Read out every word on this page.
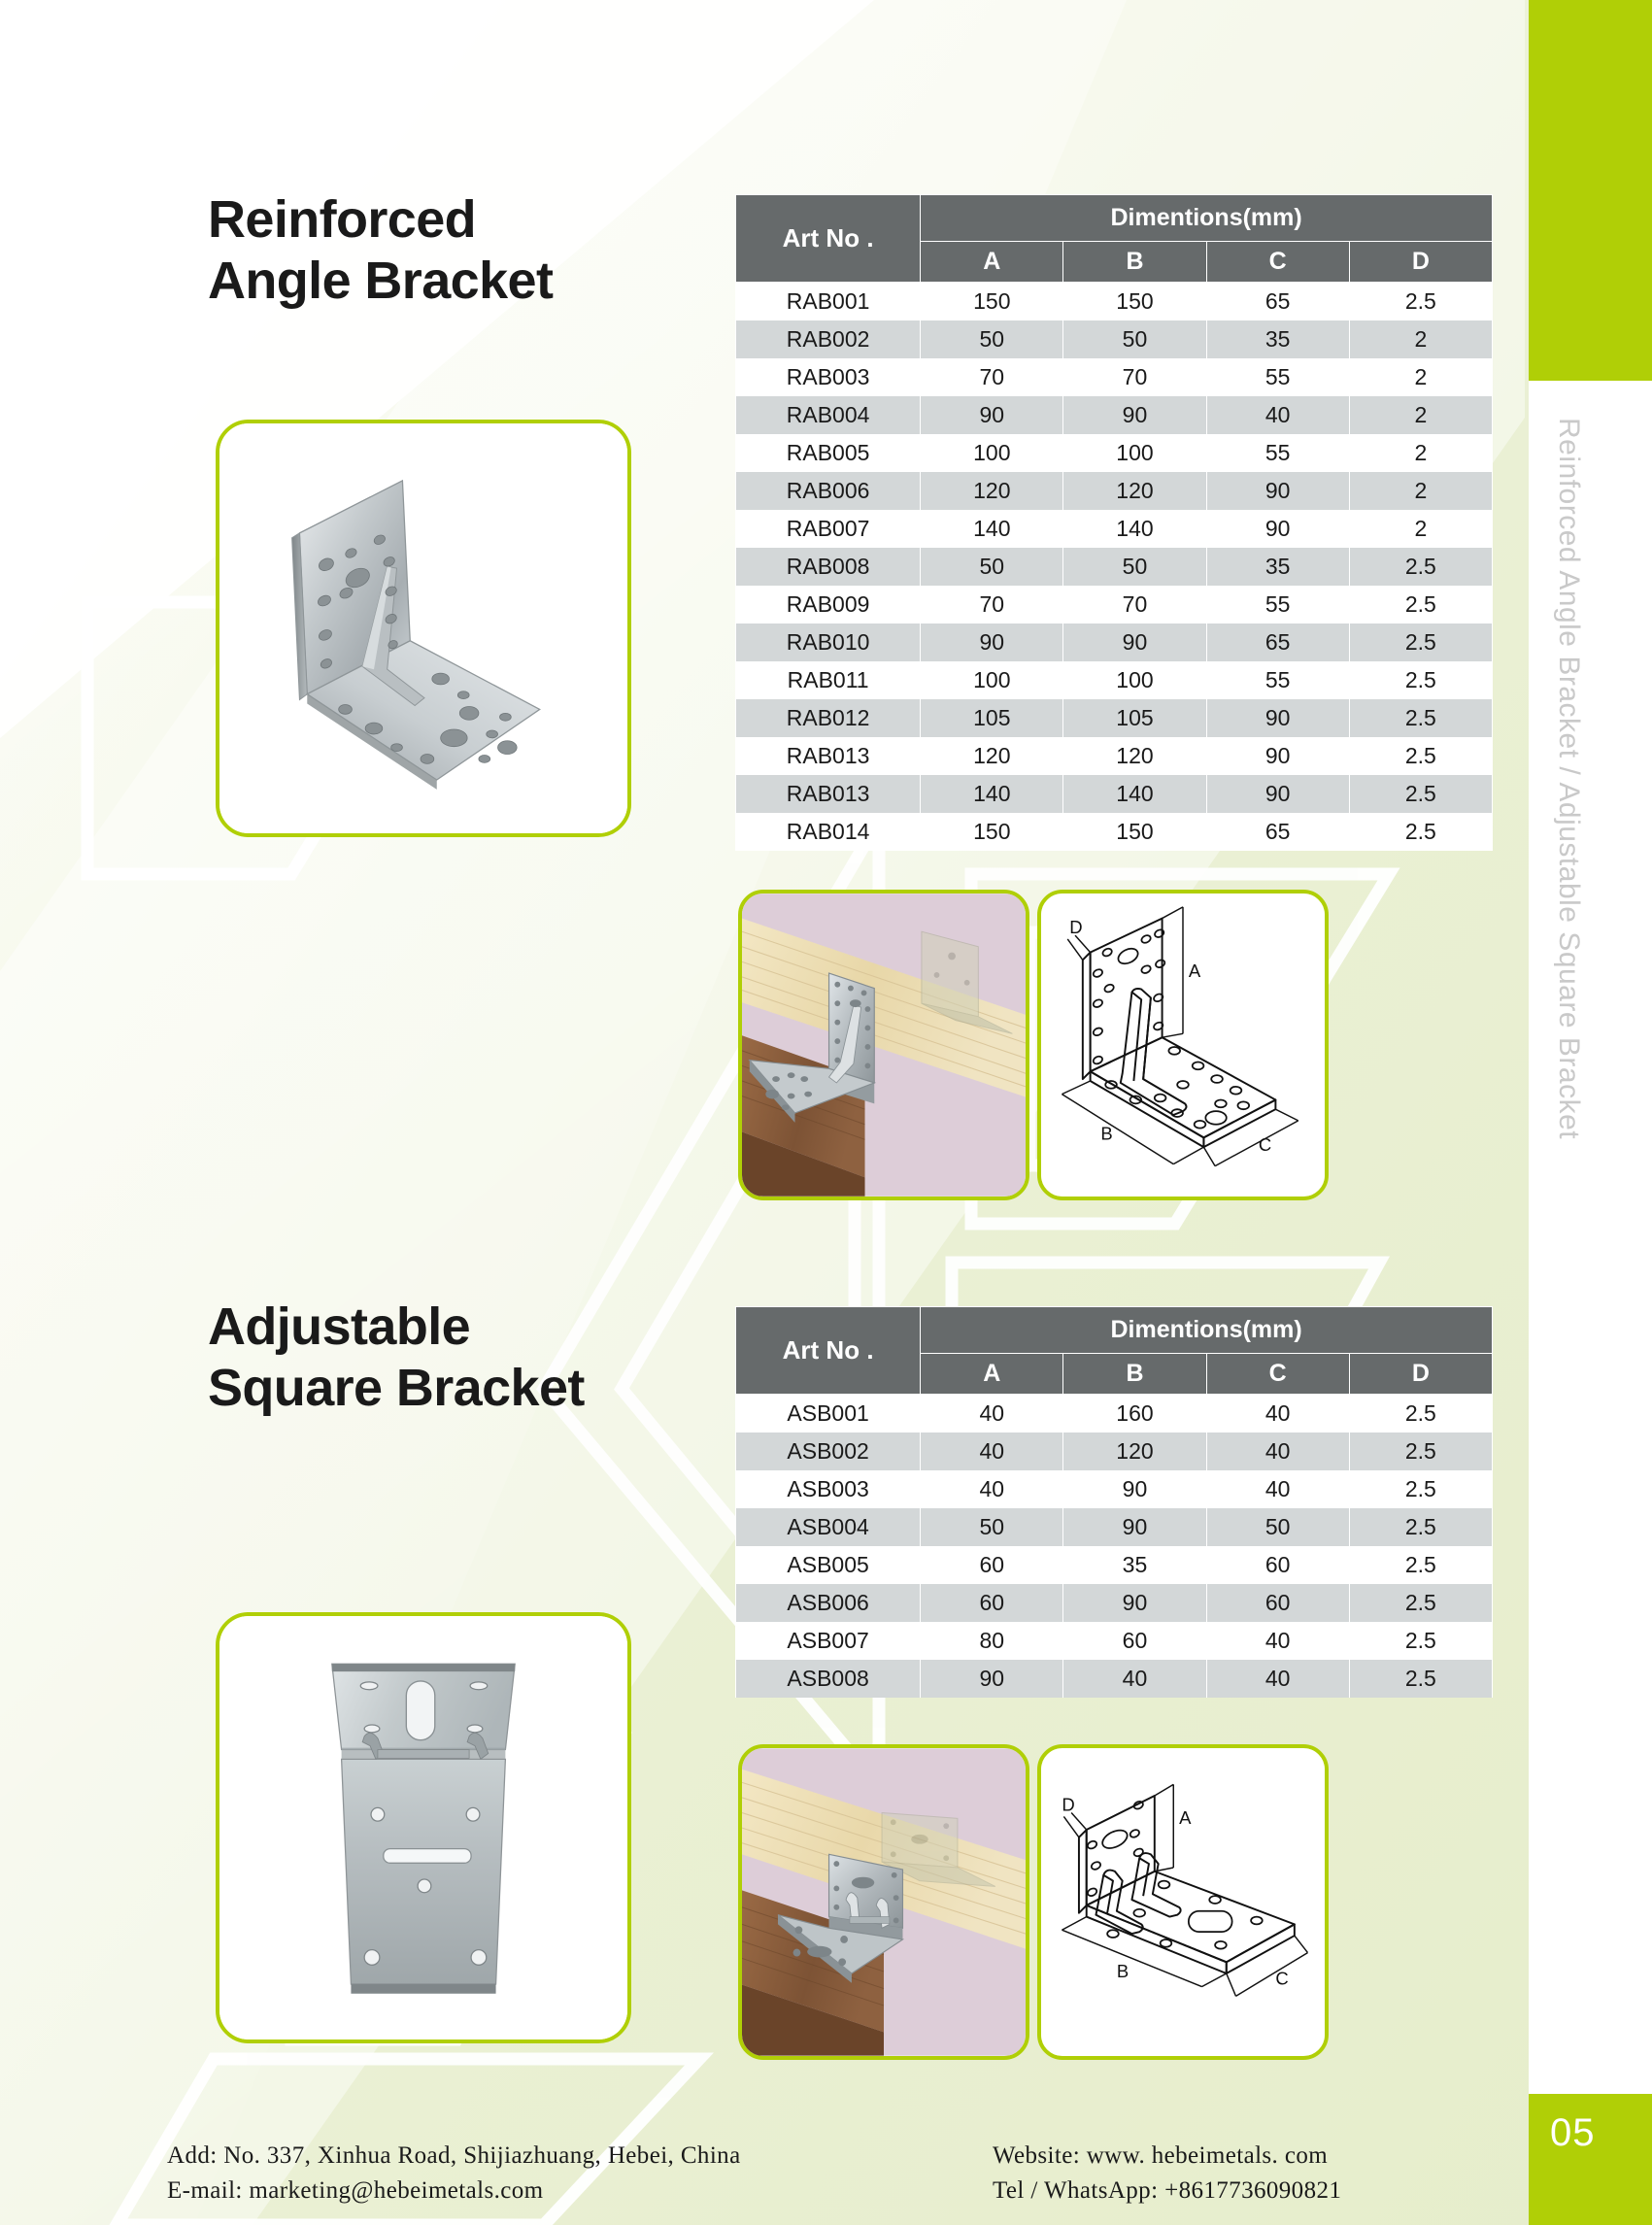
Reinforced Angle Bracket / Adjustable Square Bracket
05
Reinforced
Angle Bracket
Art No .	Dimentions(mm)			
	A	B	C	D
RAB001	150	150	65	2.5
RAB002	50	50	35	2
RAB003	70	70	55	2
RAB004	90	90	40	2
RAB005	100	100	55	2
RAB006	120	120	90	2
RAB007	140	140	90	2
RAB008	50	50	35	2.5
RAB009	70	70	55	2.5
RAB010	90	90	65	2.5
RAB011	100	100	55	2.5
RAB012	105	105	90	2.5
RAB013	120	120	90	2.5
RAB013	140	140	90	2.5
RAB014	150	150	65	2.5
A
B
C
D
Adjustable
Square Bracket
Art No .	Dimentions(mm)			
	A	B	C	D
ASB001	40	160	40	2.5
ASB002	40	120	40	2.5
ASB003	40	90	40	2.5
ASB004	50	90	50	2.5
ASB005	60	35	60	2.5
ASB006	60	90	60	2.5
ASB007	80	60	40	2.5
ASB008	90	40	40	2.5
A
B	C
D
Add: No. 337, Xinhua Road, Shijiazhuang, Hebei, China
E-mail: marketing@hebeimetals.com
Website: www. hebeimetals. com
Tel / WhatsApp: +8617736090821
